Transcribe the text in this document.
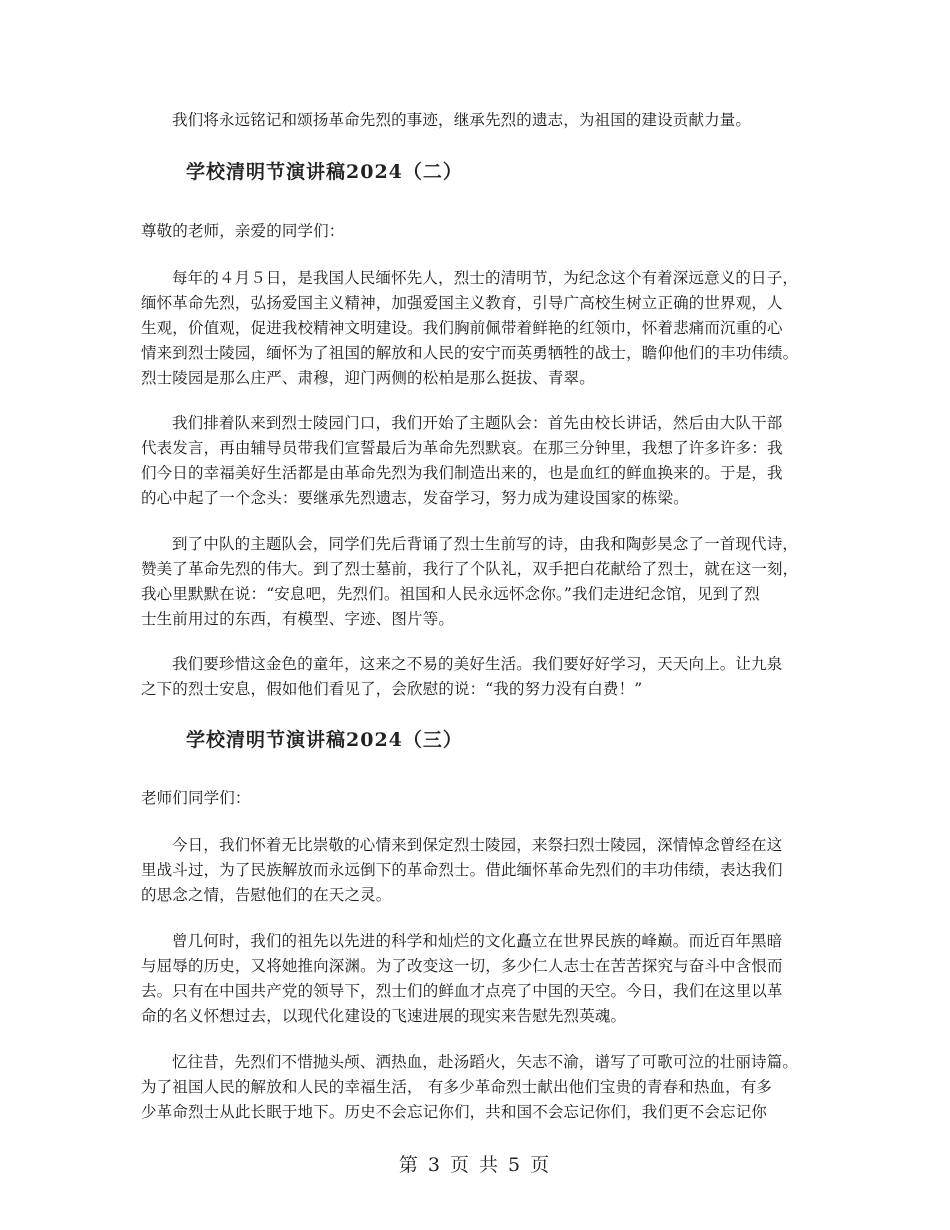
我们将永远铭记和颂扬革命先烈的事迹，继承先烈的遗志，为祖国的建设贡献力量。

学校清明节演讲稿2024（二）

尊敬的老师，亲爱的同学们：

每年的４月５日，是我国人民缅怀先人，烈士的清明节，为纪念这个有着深远意义的日子，

缅怀革命先烈，弘扬爱国主义精神，加强爱国主义教育，引导广高校生树立正确的世界观，人

生观，价值观，促进我校精神文明建设。我们胸前佩带着鲜艳的红领巾，怀着悲痛而沉重的心

情来到烈士陵园，缅怀为了祖国的解放和人民的安宁而英勇牺牲的战士，瞻仰他们的丰功伟绩。

烈士陵园是那么庄严、肃穆，迎门两侧的松柏是那么挺拔、青翠。

我们排着队来到烈士陵园门口，我们开始了主题队会：首先由校长讲话，然后由大队干部

代表发言，再由辅导员带我们宣誓最后为革命先烈默哀。在那三分钟里，我想了许多许多：我

们今日的幸福美好生活都是由革命先烈为我们制造出来的，也是血红的鲜血换来的。于是，我

的心中起了一个念头：要继承先烈遗志，发奋学习，努力成为建设国家的栋梁。

到了中队的主题队会，同学们先后背诵了烈士生前写的诗，由我和陶彭昊念了一首现代诗，

赞美了革命先烈的伟大。到了烈士墓前，我行了个队礼，双手把白花献给了烈士，就在这一刻，

我心里默默在说：“安息吧，先烈们。祖国和人民永远怀念你。”我们走进纪念馆，见到了烈

士生前用过的东西，有模型、字迹、图片等。

我们要珍惜这金色的童年，这来之不易的美好生活。我们要好好学习，天天向上。让九泉

之下的烈士安息，假如他们看见了，会欣慰的说：“我的努力没有白费！”

学校清明节演讲稿2024（三）

老师们同学们：

今日，我们怀着无比崇敬的心情来到保定烈士陵园，来祭扫烈士陵园，深情悼念曾经在这

里战斗过，为了民族解放而永远倒下的革命烈士。借此缅怀革命先烈们的丰功伟绩，表达我们

的思念之情，告慰他们的在天之灵。

曾几何时，我们的祖先以先进的科学和灿烂的文化矗立在世界民族的峰巅。而近百年黑暗

与屈辱的历史，又将她推向深渊。为了改变这一切，多少仁人志士在苦苦探究与奋斗中含恨而

去。只有在中国共产党的领导下，烈士们的鲜血才点亮了中国的天空。今日，我们在这里以革

命的名义怀想过去，以现代化建设的飞速进展的现实来告慰先烈英魂。

忆往昔，先烈们不惜抛头颅、洒热血，赴汤蹈火，矢志不渝，谱写了可歌可泣的壮丽诗篇。

为了祖国人民的解放和人民的幸福生活， 有多少革命烈士献出他们宝贵的青春和热血，有多

少革命烈士从此长眠于地下。历史不会忘记你们，共和国不会忘记你们，我们更不会忘记你

第 3 页 共 5 页
